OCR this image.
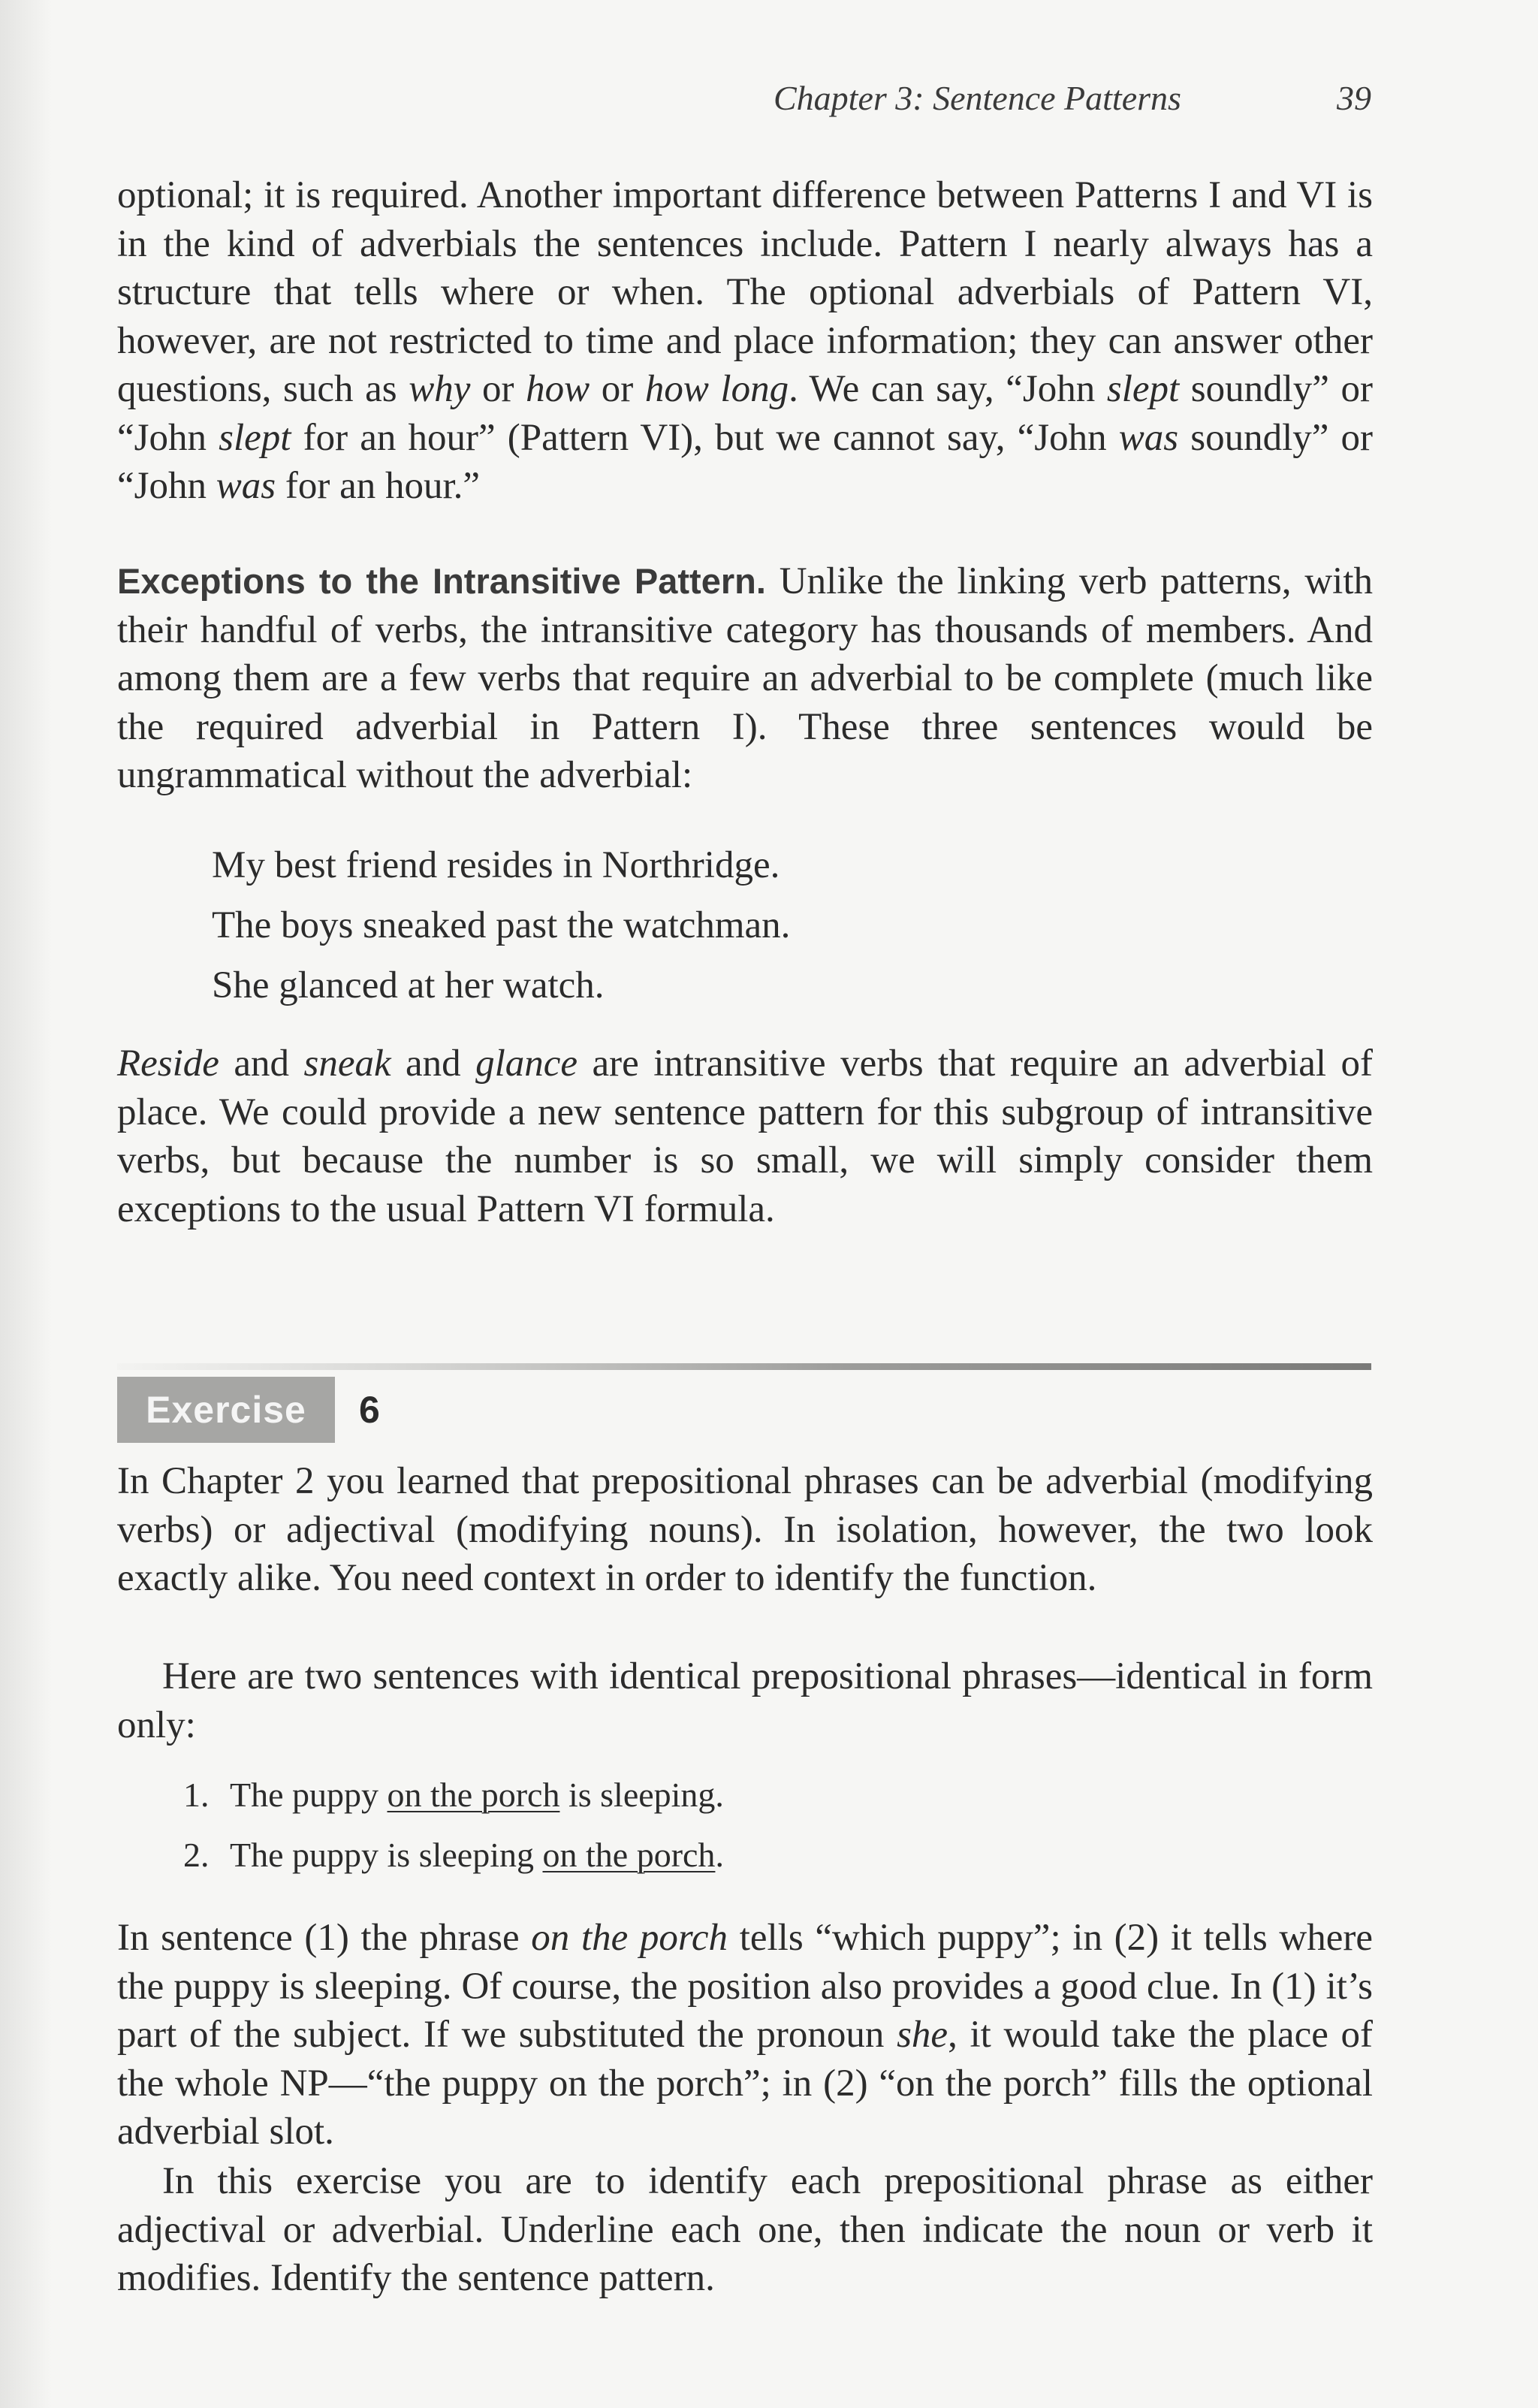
Chapter 3: Sentence Patterns	39

optional; it is required. Another important difference between Patterns I and VI is in the kind of adverbials the sentences include. Pattern I nearly always has a structure that tells where or when. The optional adverbials of Pattern VI, however, are not restricted to time and place information; they can answer other questions, such as why or how or how long. We can say, “John slept soundly” or “John slept for an hour” (Pattern VI), but we cannot say, “John was soundly” or “John was for an hour.”

Exceptions to the Intransitive Pattern. Unlike the linking verb patterns, with their handful of verbs, the intransitive category has thousands of members. And among them are a few verbs that require an adverbial to be complete (much like the required adverbial in Pattern I). These three sentences would be ungrammatical without the adverbial:

My best friend resides in Northridge.
The boys sneaked past the watchman.
She glanced at her watch.

Reside and sneak and glance are intransitive verbs that require an adverbial of place. We could provide a new sentence pattern for this subgroup of intransitive verbs, but because the number is so small, we will simply consider them exceptions to the usual Pattern VI formula.

Exercise	6

In Chapter 2 you learned that prepositional phrases can be adverbial (modifying verbs) or adjectival (modifying nouns). In isolation, however, the two look exactly alike. You need context in order to identify the function.

Here are two sentences with identical prepositional phrases—identical in form only:

1. The puppy on the porch is sleeping.
2. The puppy is sleeping on the porch.

In sentence (1) the phrase on the porch tells “which puppy”; in (2) it tells where the puppy is sleeping. Of course, the position also provides a good clue. In (1) it’s part of the subject. If we substituted the pronoun she, it would take the place of the whole NP—“the puppy on the porch”; in (2) “on the porch” fills the optional adverbial slot.

In this exercise you are to identify each prepositional phrase as either adjectival or adverbial. Underline each one, then indicate the noun or verb it modifies. Identify the sentence pattern.
